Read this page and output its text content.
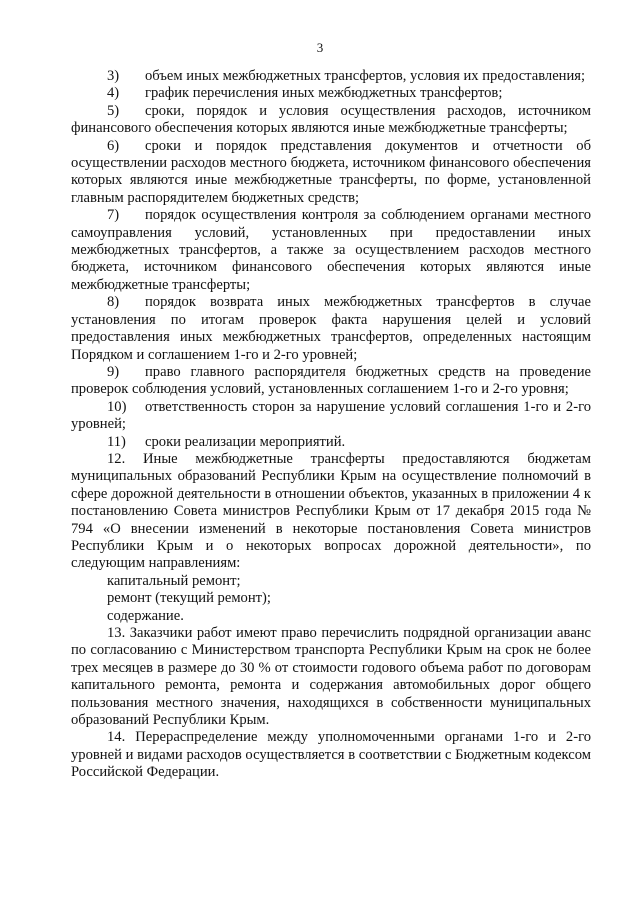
3

3) объем иных межбюджетных трансфертов, условия их предоставления;

4) график перечисления иных межбюджетных трансфертов;

5) сроки, порядок и условия осуществления расходов, источником финансового обеспечения которых являются иные межбюджетные трансферты;

6) сроки и порядок представления документов и отчетности об осуществлении расходов местного бюджета, источником финансового обеспечения которых являются иные межбюджетные трансферты, по форме, установленной главным распорядителем бюджетных средств;

7) порядок осуществления контроля за соблюдением органами местного самоуправления условий, установленных при предоставлении иных межбюджетных трансфертов, а также за осуществлением расходов местного бюджета, источником финансового обеспечения которых являются иные межбюджетные трансферты;

8) порядок возврата иных межбюджетных трансфертов в случае установления по итогам проверок факта нарушения целей и условий предоставления иных межбюджетных трансфертов, определенных настоящим Порядком и соглашением 1-го и 2-го уровней;

9) право главного распорядителя бюджетных средств на проведение проверок соблюдения условий, установленных соглашением 1-го и 2-го уровня;

10) ответственность сторон за нарушение условий соглашения 1-го и 2-го уровней;

11) сроки реализации мероприятий.

12. Иные межбюджетные трансферты предоставляются бюджетам муниципальных образований Республики Крым на осуществление полномочий в сфере дорожной деятельности в отношении объектов, указанных в приложении 4 к постановлению Совета министров Республики Крым от 17 декабря 2015 года № 794 «О внесении изменений в некоторые постановления Совета министров Республики Крым и о некоторых вопросах дорожной деятельности», по следующим направлениям:

капитальный ремонт;

ремонт (текущий ремонт);

содержание.

13. Заказчики работ имеют право перечислить подрядной организации аванс по согласованию с Министерством транспорта Республики Крым на срок не более трех месяцев в размере до 30 % от стоимости годового объема работ по договорам капитального ремонта, ремонта и содержания автомобильных дорог общего пользования местного значения, находящихся в собственности муниципальных образований Республики Крым.

14. Перераспределение между уполномоченными органами 1-го и 2-го уровней и видами расходов осуществляется в соответствии с Бюджетным кодексом Российской Федерации.
